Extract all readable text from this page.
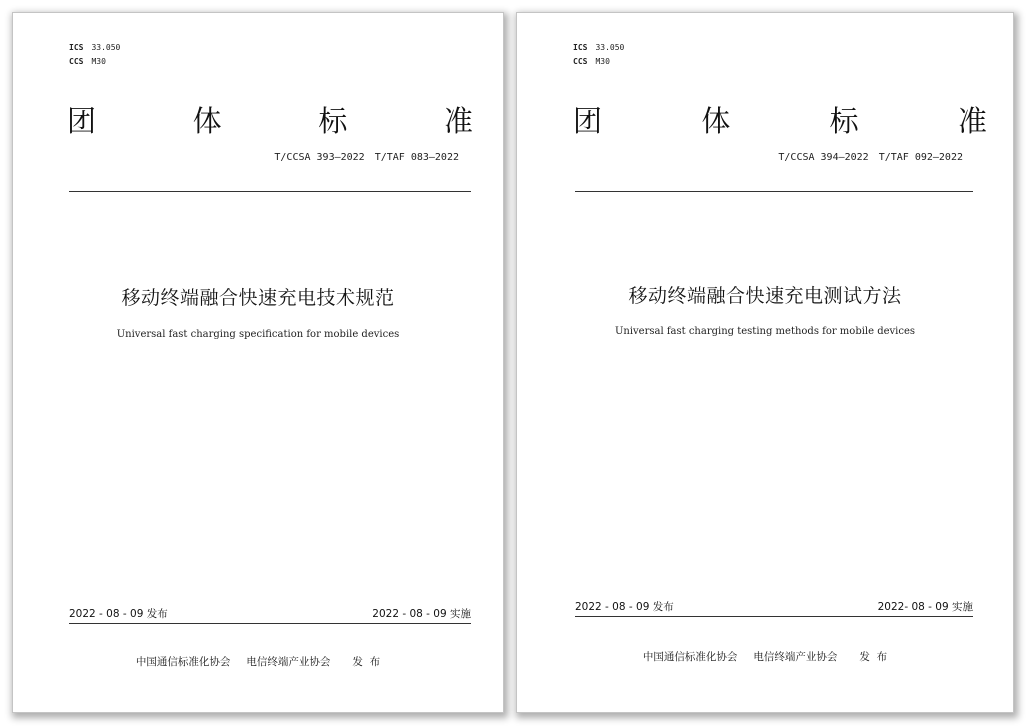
ICS 33.050
CCS M30
团	体	标	准
T/CCSA 393—2022 T/TAF 083—2022
移动终端融合快速充电技术规范
Universal fast charging specification for mobile devices
2022 - 08 - 09 发布	2022 - 08 - 09 实施
中国通信标准化协会 电信终端产业协会 发  布
ICS 33.050
CCS M30
团	体	标	准
T/CCSA 394—2022 T/TAF 092—2022
移动终端融合快速充电测试方法
Universal fast charging testing methods for mobile devices
2022 - 08 - 09 发布	2022- 08 - 09 实施
中国通信标准化协会 电信终端产业协会 发  布
